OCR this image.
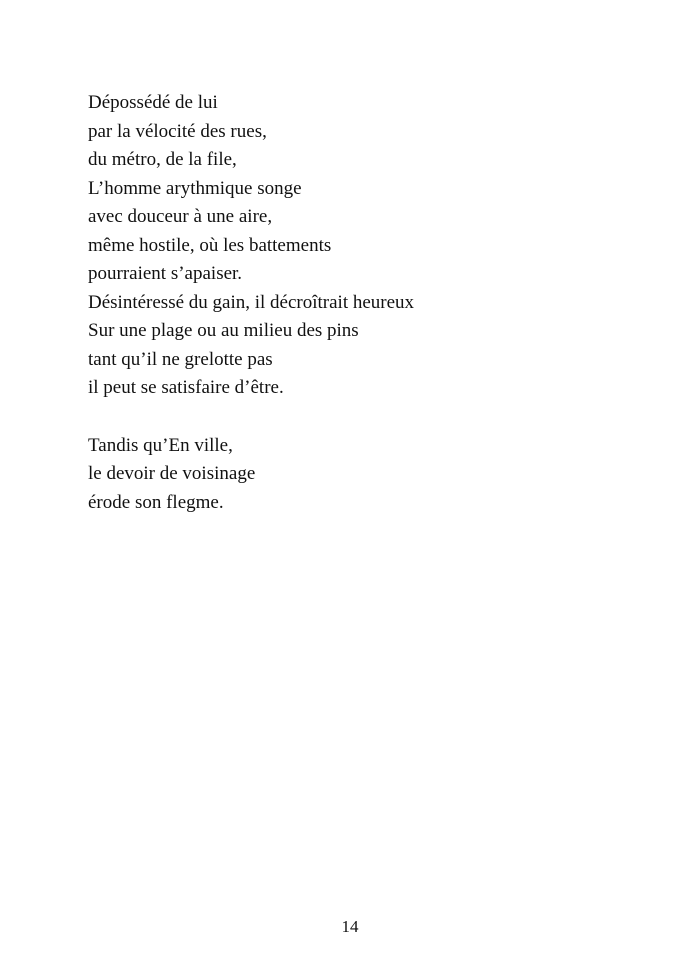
Dépossédé de lui
par la vélocité des rues,
du métro, de la file,
L’homme arythmique songe
avec douceur à une aire,
même hostile, où les battements
pourraient s’apaiser.
Désintéressé du gain, il décroîtrait heureux
Sur une plage ou au milieu des pins
tant qu’il ne grelotte pas
il peut se satisfaire d’être.
Tandis qu’En ville,
le devoir de voisinage
érode son flegme.
14
